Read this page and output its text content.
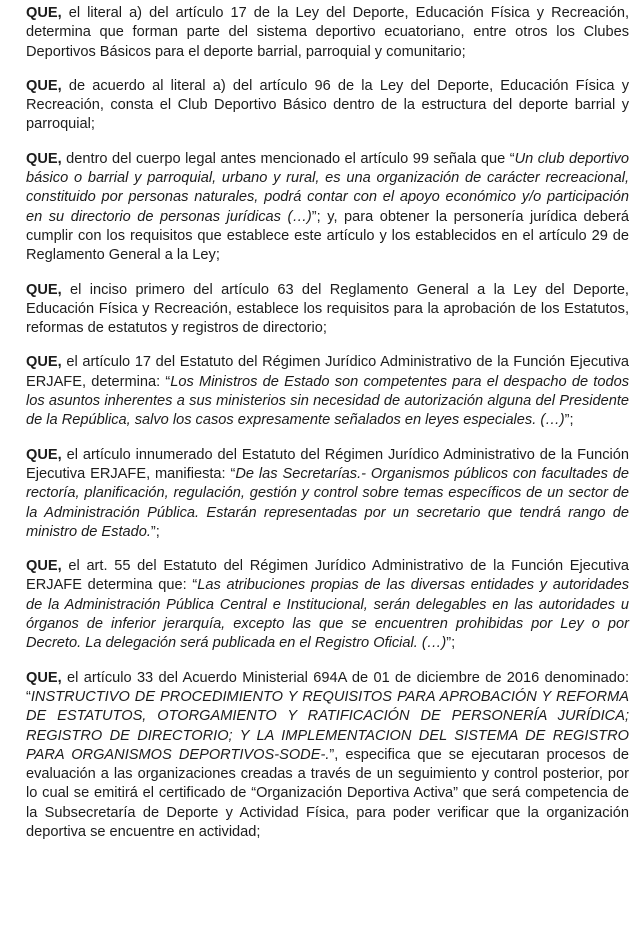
QUE, el literal a) del artículo 17 de la Ley del Deporte, Educación Física y Recreación, determina que forman parte del sistema deportivo ecuatoriano, entre otros los Clubes Deportivos Básicos para el deporte barrial, parroquial y comunitario;
QUE, de acuerdo al literal a) del artículo 96 de la Ley del Deporte, Educación Física y Recreación, consta el Club Deportivo Básico dentro de la estructura del deporte barrial y parroquial;
QUE, dentro del cuerpo legal antes mencionado el artículo 99 señala que “Un club deportivo básico o barrial y parroquial, urbano y rural, es una organización de carácter recreacional, constituido por personas naturales, podrá contar con el apoyo económico y/o participación en su directorio de personas jurídicas (…)”; y, para obtener la personería jurídica deberá cumplir con los requisitos que establece este artículo y los establecidos en el artículo 29 de Reglamento General a la Ley;
QUE, el inciso primero del artículo 63 del Reglamento General a la Ley del Deporte, Educación Física y Recreación, establece los requisitos para la aprobación de los Estatutos, reformas de estatutos y registros de directorio;
QUE, el artículo 17 del Estatuto del Régimen Jurídico Administrativo de la Función Ejecutiva ERJAFE, determina: “Los Ministros de Estado son competentes para el despacho de todos los asuntos inherentes a sus ministerios sin necesidad de autorización alguna del Presidente de la República, salvo los casos expresamente señalados en leyes especiales. (…)”;
QUE, el artículo innumerado del Estatuto del Régimen Jurídico Administrativo de la Función Ejecutiva ERJAFE, manifiesta: “De las Secretarías.- Organismos públicos con facultades de rectoría, planificación, regulación, gestión y control sobre temas específicos de un sector de la Administración Pública. Estarán representadas por un secretario que tendrá rango de ministro de Estado.”;
QUE, el art. 55 del Estatuto del Régimen Jurídico Administrativo de la Función Ejecutiva ERJAFE determina que: “Las atribuciones propias de las diversas entidades y autoridades de la Administración Pública Central e Institucional, serán delegables en las autoridades u órganos de inferior jerarquía, excepto las que se encuentren prohibidas por Ley o por Decreto. La delegación será publicada en el Registro Oficial. (…)”;
QUE, el artículo 33 del Acuerdo Ministerial 694A de 01 de diciembre de 2016 denominado: “INSTRUCTIVO DE PROCEDIMIENTO Y REQUISITOS PARA APROBACIÓN Y REFORMA DE ESTATUTOS, OTORGAMIENTO Y RATIFICACIÓN DE PERSONERÍA JURÍDICA; REGISTRO DE DIRECTORIO; Y LA IMPLEMENTACION DEL SISTEMA DE REGISTRO PARA ORGANISMOS DEPORTIVOS-SODE-.”, especifica que se ejecutaran procesos de evaluación a las organizaciones creadas a través de un seguimiento y control posterior, por lo cual se emitirá el certificado de “Organización Deportiva Activa” que será competencia de la Subsecretaría de Deporte y Actividad Física, para poder verificar que la organización deportiva se encuentre en actividad;
